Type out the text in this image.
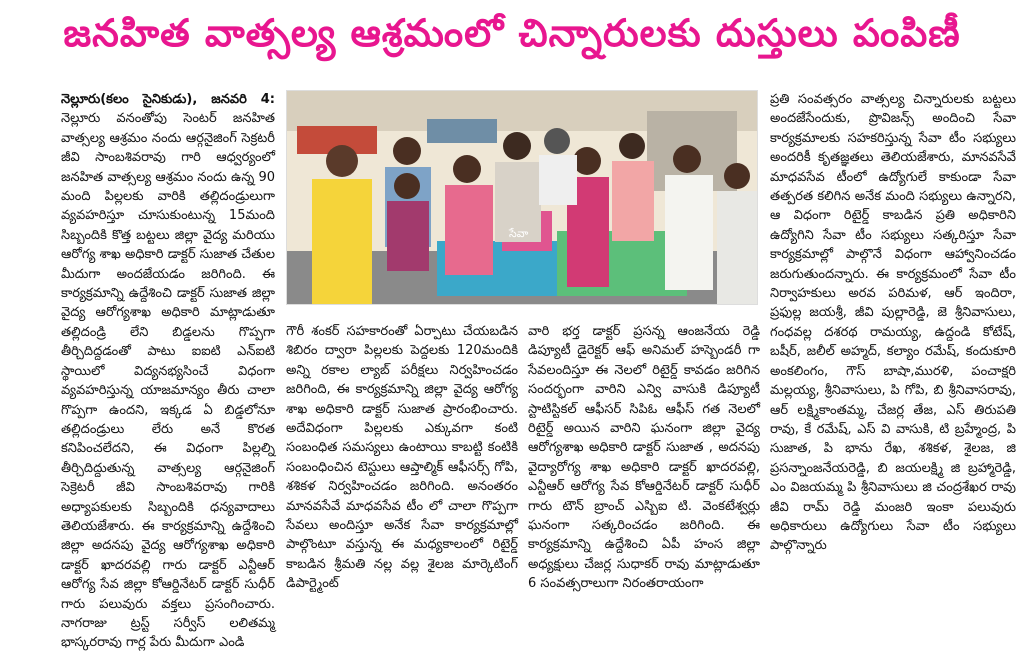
జనహిత వాత్సల్య ఆశ్రమంలో చిన్నారులకు దుస్తులు పంపిణీ

నెల్లూరు(కలం సైనికుడు), జనవరి 4: నెల్లూరు వనంతోపు సెంటర్ జనహిత వాత్సల్య ఆశ్రమం నందు ఆర్గనైజింగ్ సెక్రటరీ జీవి సాంబశివరావు గారి ఆధ్వర్యంలో జనహిత వాత్సల్య ఆశ్రమం నందు ఉన్న 90 మంది పిల్లలకు వారికి తల్లిదండ్రులుగా వ్యవహరిస్తూ చూసుకుంటున్న 15మంది సిబ్బందికి కొత్త బట్టలు జిల్లా వైద్య మరియు ఆరోగ్య శాఖ అధికారి డాక్టర్ సుజాత చేతుల మీదుగా అందజేయడం జరిగింది. ఈ కార్యక్రమాన్ని ఉద్దేశించి డాక్టర్ సుజాత జిల్లా వైద్య ఆరోగ్యశాఖ అధికారి మాట్లాడుతూ తల్లిదండ్రి లేని బిడ్డలను గొప్పగా తీర్చిదిద్దడంతో పాటు ఐఐటి ఎన్ఐటి స్థాయిలో విద్యనభ్యసించే విధంగా వ్యవహరిస్తున్న యాజమాన్యం తీరు చాలా గొప్పగా ఉందని, ఇక్కడ ఏ బిడ్డలోనూ తల్లిదండ్రులు లేరు అనే కొరత కనిపించలేదని, ఈ విధంగా పిల్లల్ని తీర్చిదిద్దుతున్న వాత్సల్య ఆర్గనైజింగ్ సెక్రెటరీ జీవి సాంబశివరావు గారికి అధ్యాపకులకు సిబ్బందికి ధన్యవాదాలు తెలియజేశారు. ఈ కార్యక్రమాన్ని ఉద్దేశించి జిల్లా అదనపు వైద్య ఆరోగ్యశాఖ అధికారి డాక్టర్ ఖాదరవల్లి గారు డాక్టర్ ఎన్టీఆర్ ఆరోగ్య సేవ జిల్లా కోఆర్డినేటర్ డాక్టర్ సుధీర్ గారు పలువురు వక్తలు ప్రసంగించారు. నాగరాజు ట్రస్ట్ సర్వీస్ లలితమ్మ భాస్కరరావు గార్ల పేరు మీదుగా ఎండి

సేవా

గౌరీ శంకర్ సహకారంతో ఏర్పాటు చేయబడిన శిబిరం ద్వారా పిల్లలకు పెద్దలకు 120మందికి అన్ని రకాల ల్యాబ్ పరీక్షలు నిర్వహించడం జరిగింది, ఈ కార్యక్రమాన్ని జిల్లా వైద్య ఆరోగ్య శాఖ అధికారి డాక్టర్ సుజాత ప్రారంభించారు. అదేవిధంగా పిల్లలకు ఎక్కువగా కంటి సంబంధిత సమస్యలు ఉంటాయి కాబట్టి కంటికి సంబంధించిన టెస్టులు ఆప్తాల్మిక్ ఆఫీసర్స్ గోపి, శశికళ నిర్వహించడం జరిగింది. అనంతరం మానవసేవే మాధవసేవ టీం లో చాలా గొప్పగా సేవలు అందిస్తూ అనేక సేవా కార్యక్రమాల్లో పాల్గొంటూ వస్తున్న ఈ మధ్యకాలంలో రిటైర్డ్ కాబడిన శ్రీమతి నల్ల వల్ల శైలజ మార్కెటింగ్ డిపార్ట్మెంట్

వారి భర్త డాక్టర్ ప్రసన్న ఆంజనేయ రెడ్డి డిప్యూటీ డైరెక్టర్ ఆఫ్ అనిమల్ హస్బెండరీ గా సేవలందిస్తూ ఈ నెలలో రిటైర్డ్ కావడం జరిగిన సందర్భంగా వారిని ఎన్వి వాసుకి డిప్యూటీ స్టాటిస్టికల్ ఆఫీసర్ సిపిఓ ఆఫీస్ గత నెలలో రిటైర్డ్ అయిన వారిని ఘనంగా జిల్లా వైద్య ఆరోగ్యశాఖ అధికారి డాక్టర్ సుజాత , అదనపు వైద్యారోగ్య శాఖ అధికారి డాక్టర్ ఖాదరవల్లి, ఎన్టీఆర్ ఆరోగ్య సేవ కోఆర్డినేటర్ డాక్టర్ సుధీర్ గారు టౌన్ బ్రాంచ్ ఎస్బిఐ టి. వెంకటేశ్వర్లు ఘనంగా సత్కరించడం జరిగింది. ఈ కార్యక్రమాన్ని ఉద్దేశించి ఏపీ హంస జిల్లా అధ్యక్షులు చేజర్ల సుధాకర్ రావు మాట్లాడుతూ 6 సంవత్సరాలుగా నిరంతరాయంగా

ప్రతి సంవత్సరం వాత్సల్య చిన్నారులకు బట్టలు అందజేసేందుకు, ప్రొవిజన్స్ అందించి సేవా కార్యక్రమాలకు సహకరిస్తున్న సేవా టీం సభ్యులు అందరికీ కృతజ్ఞతలు తెలియజేశారు, మానవసేవే మాధవసేవ టీంలో ఉద్యోగులే కాకుండా సేవా తత్పరత కలిగిన అనేక మంది సభ్యులు ఉన్నారని, ఆ విధంగా రిటైర్డ్ కాబడిన ప్రతి అధికారిని ఉద్యోగిని సేవా టీం సభ్యులు సత్కరిస్తూ సేవా కార్యక్రమాల్లో పాల్గొనే విధంగా ఆహ్వానించడం జరుగుతుందన్నారు. ఈ కార్యక్రమంలో సేవా టీం నిర్వాహకులు అరవ పరిమళ, ఆర్ ఇందిరా, ప్రఫుల్ల జయశ్రీ, జీవి పుల్లారెడ్డి, జె శ్రీనివాసులు, గంధవల్ల దశరథ రామయ్య, ఉద్దండి కోటేష్, బషీర్, జలీల్ అహ్మద్, కల్యాం రమేష్, కందుకూరి అంకలింగం, గౌస్ బాషా,మురళి, పంచాక్షరి మల్లయ్య, శ్రీనివాసులు, పి గోపి, బి శ్రీనివాసరావు, ఆర్ లక్ష్మికాంతమ్మ, చేజర్ల తేజ, ఎస్ తిరుపతి రావు, కే రమేష్, ఎస్ వి వాసుకి, టి బ్రహ్మేంద్ర, పి సుజాత, పి భాను రేఖ, శశికళ, శైలజ, జి ప్రసన్నాంజనేయరెడ్డి, బి జయలక్ష్మి జి బ్రహ్మారెడ్డి, ఎం విజయమ్మ పి శ్రీనివాసులు జి చంద్రశేఖర రావు జీవి రామ్ రెడ్డి మంజరి ఇంకా పలువురు అధికారులు ఉద్యోగులు సేవా టీం సభ్యులు పాల్గొన్నారు
